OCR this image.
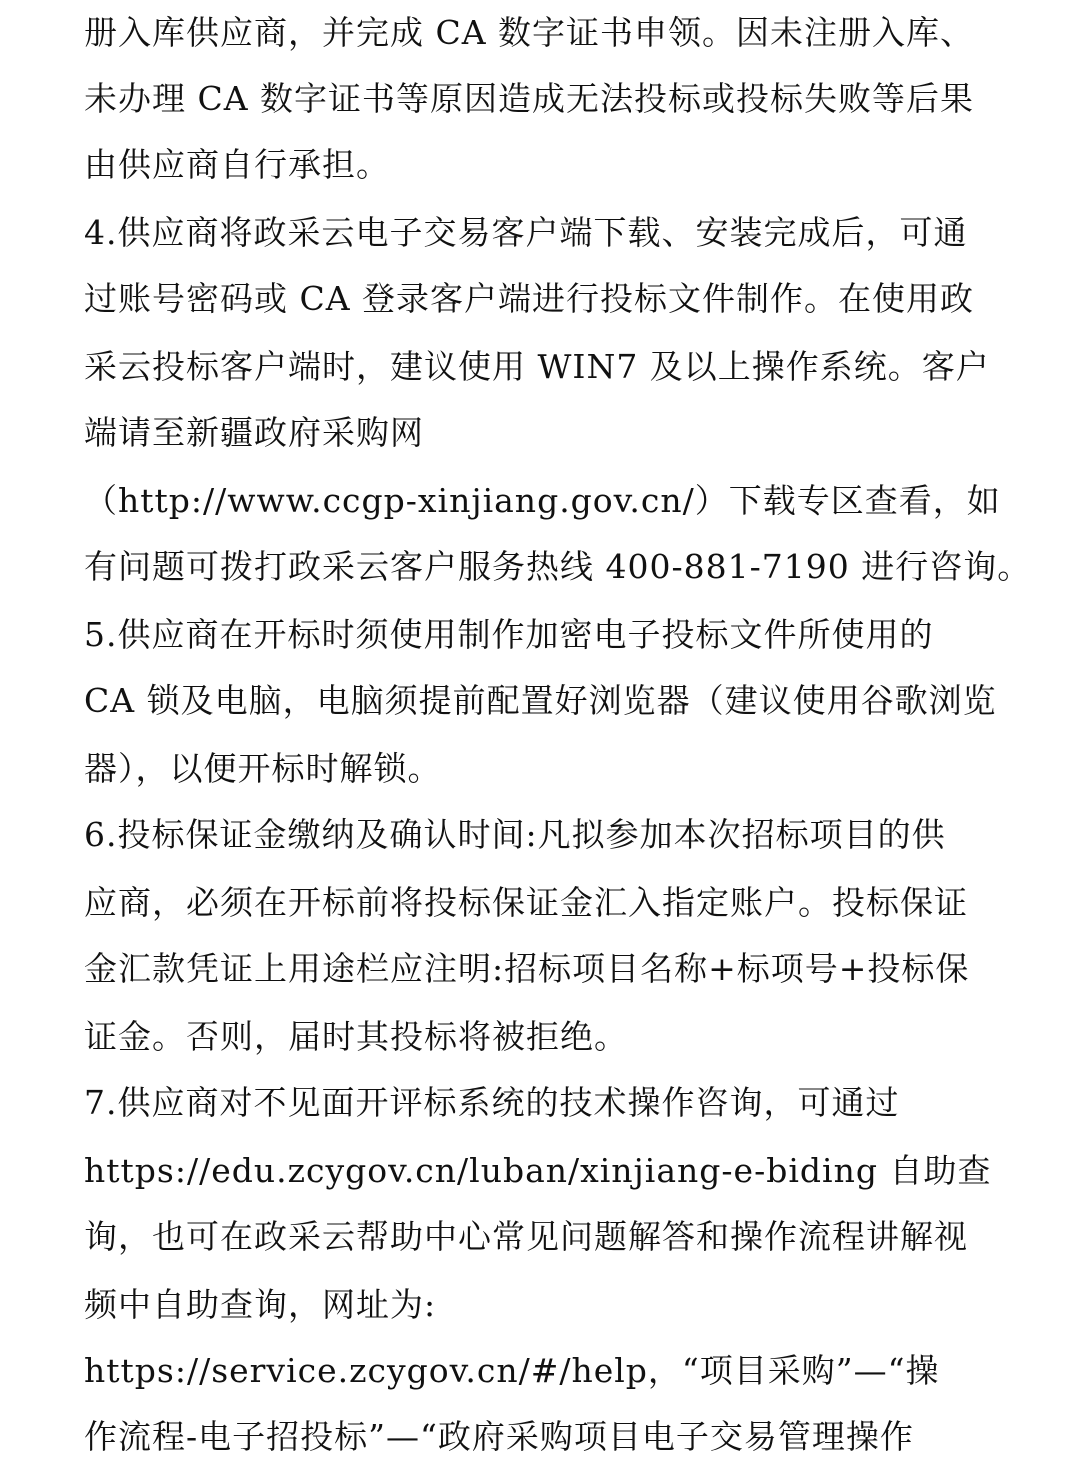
册入库供应商，并完成 CA 数字证书申领。因未注册入库、
未办理 CA 数字证书等原因造成无法投标或投标失败等后果
由供应商自行承担。
4.供应商将政采云电子交易客户端下载、安装完成后，可通
过账号密码或 CA 登录客户端进行投标文件制作。在使用政
采云投标客户端时，建议使用 WIN7 及以上操作系统。客户
端请至新疆政府采购网
（http://www.ccgp-xinjiang.gov.cn/）下载专区查看，如
有问题可拨打政采云客户服务热线 400-881-7190 进行咨询。
5.供应商在开标时须使用制作加密电子投标文件所使用的
CA 锁及电脑，电脑须提前配置好浏览器（建议使用谷歌浏览
器），以便开标时解锁。
6.投标保证金缴纳及确认时间:凡拟参加本次招标项目的供
应商，必须在开标前将投标保证金汇入指定账户。投标保证
金汇款凭证上用途栏应注明:招标项目名称+标项号+投标保
证金。否则，届时其投标将被拒绝。
7.供应商对不见面开评标系统的技术操作咨询，可通过
https://edu.zcygov.cn/luban/xinjiang-e-biding 自助查
询，也可在政采云帮助中心常见问题解答和操作流程讲解视
频中自助查询，网址为:
https://service.zcygov.cn/#/help，“项目采购”—“操
作流程-电子招投标”—“政府采购项目电子交易管理操作
